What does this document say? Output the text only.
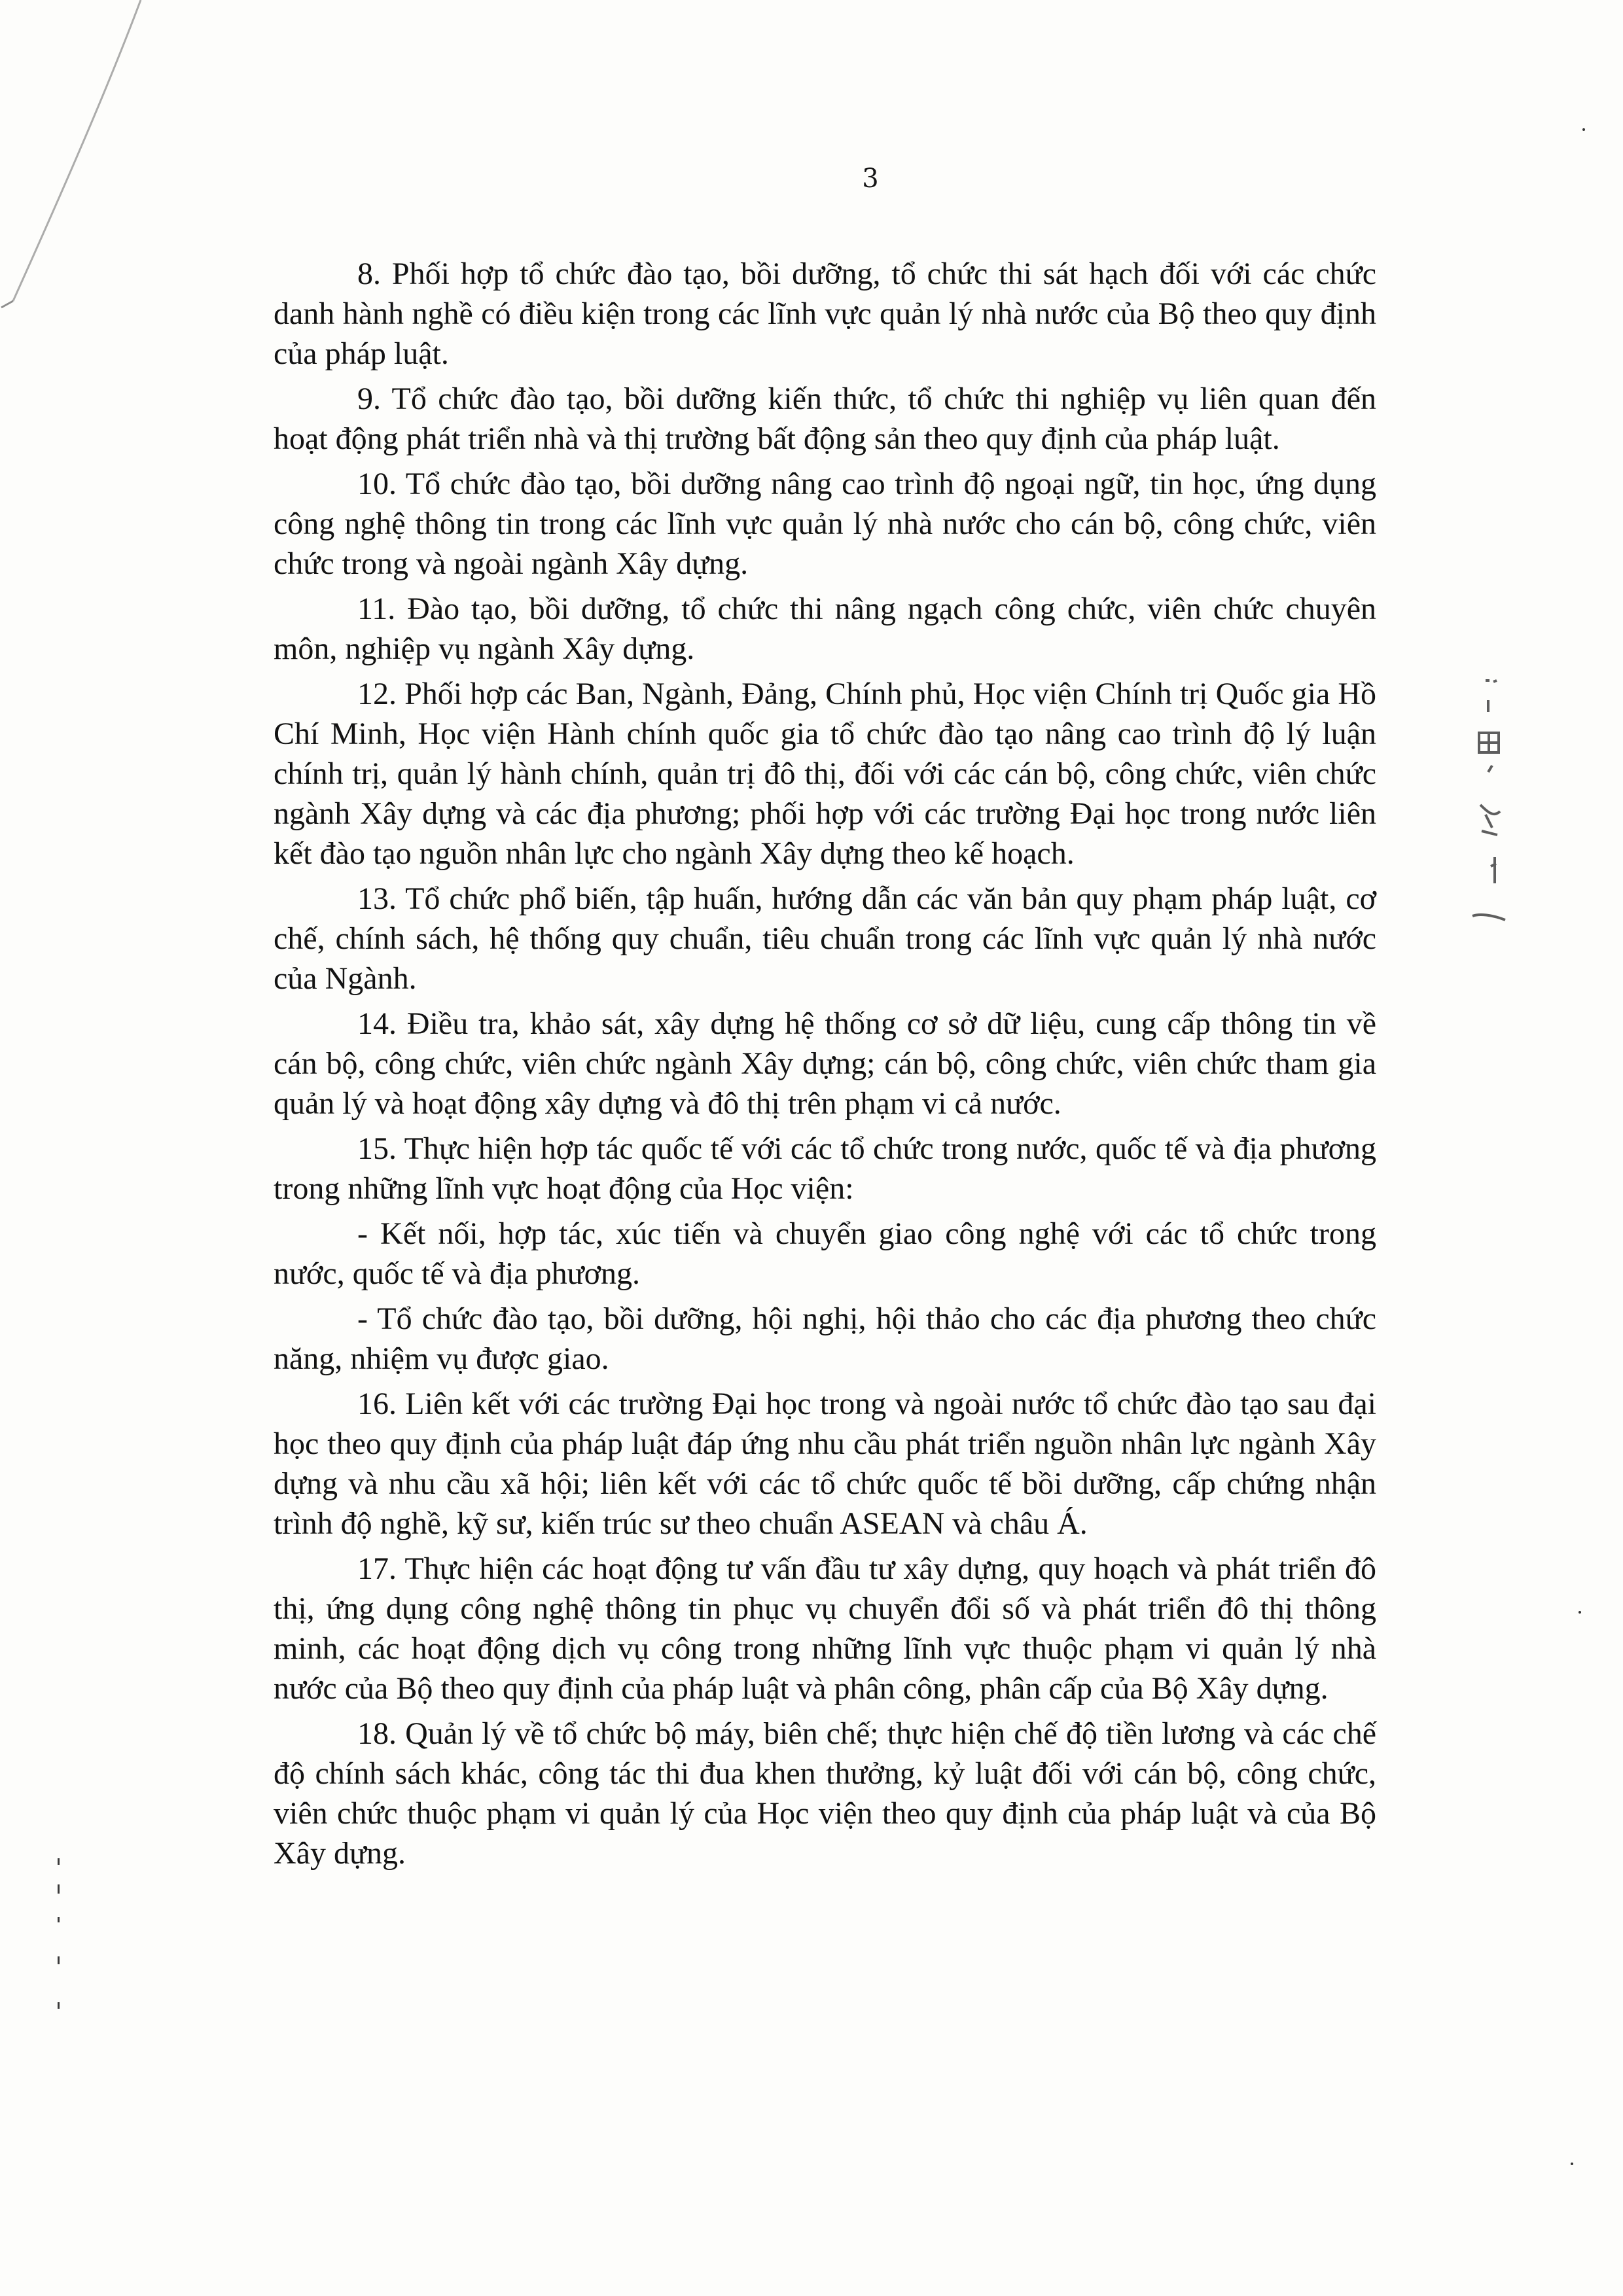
3

8. Phối hợp tổ chức đào tạo, bồi dưỡng, tổ chức thi sát hạch đối với các chức danh hành nghề có điều kiện trong các lĩnh vực quản lý nhà nước của Bộ theo quy định của pháp luật.

9. Tổ chức đào tạo, bồi dưỡng kiến thức, tổ chức thi nghiệp vụ liên quan đến hoạt động phát triển nhà và thị trường bất động sản theo quy định của pháp luật.

10. Tổ chức đào tạo, bồi dưỡng nâng cao trình độ ngoại ngữ, tin học, ứng dụng công nghệ thông tin trong các lĩnh vực quản lý nhà nước cho cán bộ, công chức, viên chức trong và ngoài ngành Xây dựng.

11. Đào tạo, bồi dưỡng, tổ chức thi nâng ngạch công chức, viên chức chuyên môn, nghiệp vụ ngành Xây dựng.

12. Phối hợp các Ban, Ngành, Đảng, Chính phủ, Học viện Chính trị Quốc gia Hồ Chí Minh, Học viện Hành chính quốc gia tổ chức đào tạo nâng cao trình độ lý luận chính trị, quản lý hành chính, quản trị đô thị, đối với các cán bộ, công chức, viên chức ngành Xây dựng và các địa phương; phối hợp với các trường Đại học trong nước liên kết đào tạo nguồn nhân lực cho ngành Xây dựng theo kế hoạch.

13. Tổ chức phổ biến, tập huấn, hướng dẫn các văn bản quy phạm pháp luật, cơ chế, chính sách, hệ thống quy chuẩn, tiêu chuẩn trong các lĩnh vực quản lý nhà nước của Ngành.

14. Điều tra, khảo sát, xây dựng hệ thống cơ sở dữ liệu, cung cấp thông tin về cán bộ, công chức, viên chức ngành Xây dựng; cán bộ, công chức, viên chức tham gia quản lý và hoạt động xây dựng và đô thị trên phạm vi cả nước.

15. Thực hiện hợp tác quốc tế với các tổ chức trong nước, quốc tế và địa phương trong những lĩnh vực hoạt động của Học viện:

- Kết nối, hợp tác, xúc tiến và chuyển giao công nghệ với các tổ chức trong nước, quốc tế và địa phương.

- Tổ chức đào tạo, bồi dưỡng, hội nghị, hội thảo cho các địa phương theo chức năng, nhiệm vụ được giao.

16. Liên kết với các trường Đại học trong và ngoài nước tổ chức đào tạo sau đại học theo quy định của pháp luật đáp ứng nhu cầu phát triển nguồn nhân lực ngành Xây dựng và nhu cầu xã hội; liên kết với các tổ chức quốc tế bồi dưỡng, cấp chứng nhận trình độ nghề, kỹ sư, kiến trúc sư theo chuẩn ASEAN và châu Á.

17. Thực hiện các hoạt động tư vấn đầu tư xây dựng, quy hoạch và phát triển đô thị, ứng dụng công nghệ thông tin phục vụ chuyển đổi số và phát triển đô thị thông minh, các hoạt động dịch vụ công trong những lĩnh vực thuộc phạm vi quản lý nhà nước của Bộ theo quy định của pháp luật và phân công, phân cấp của Bộ Xây dựng.

18. Quản lý về tổ chức bộ máy, biên chế; thực hiện chế độ tiền lương và các chế độ chính sách khác, công tác thi đua khen thưởng, kỷ luật đối với cán bộ, công chức, viên chức thuộc phạm vi quản lý của Học viện theo quy định của pháp luật và của Bộ Xây dựng.
